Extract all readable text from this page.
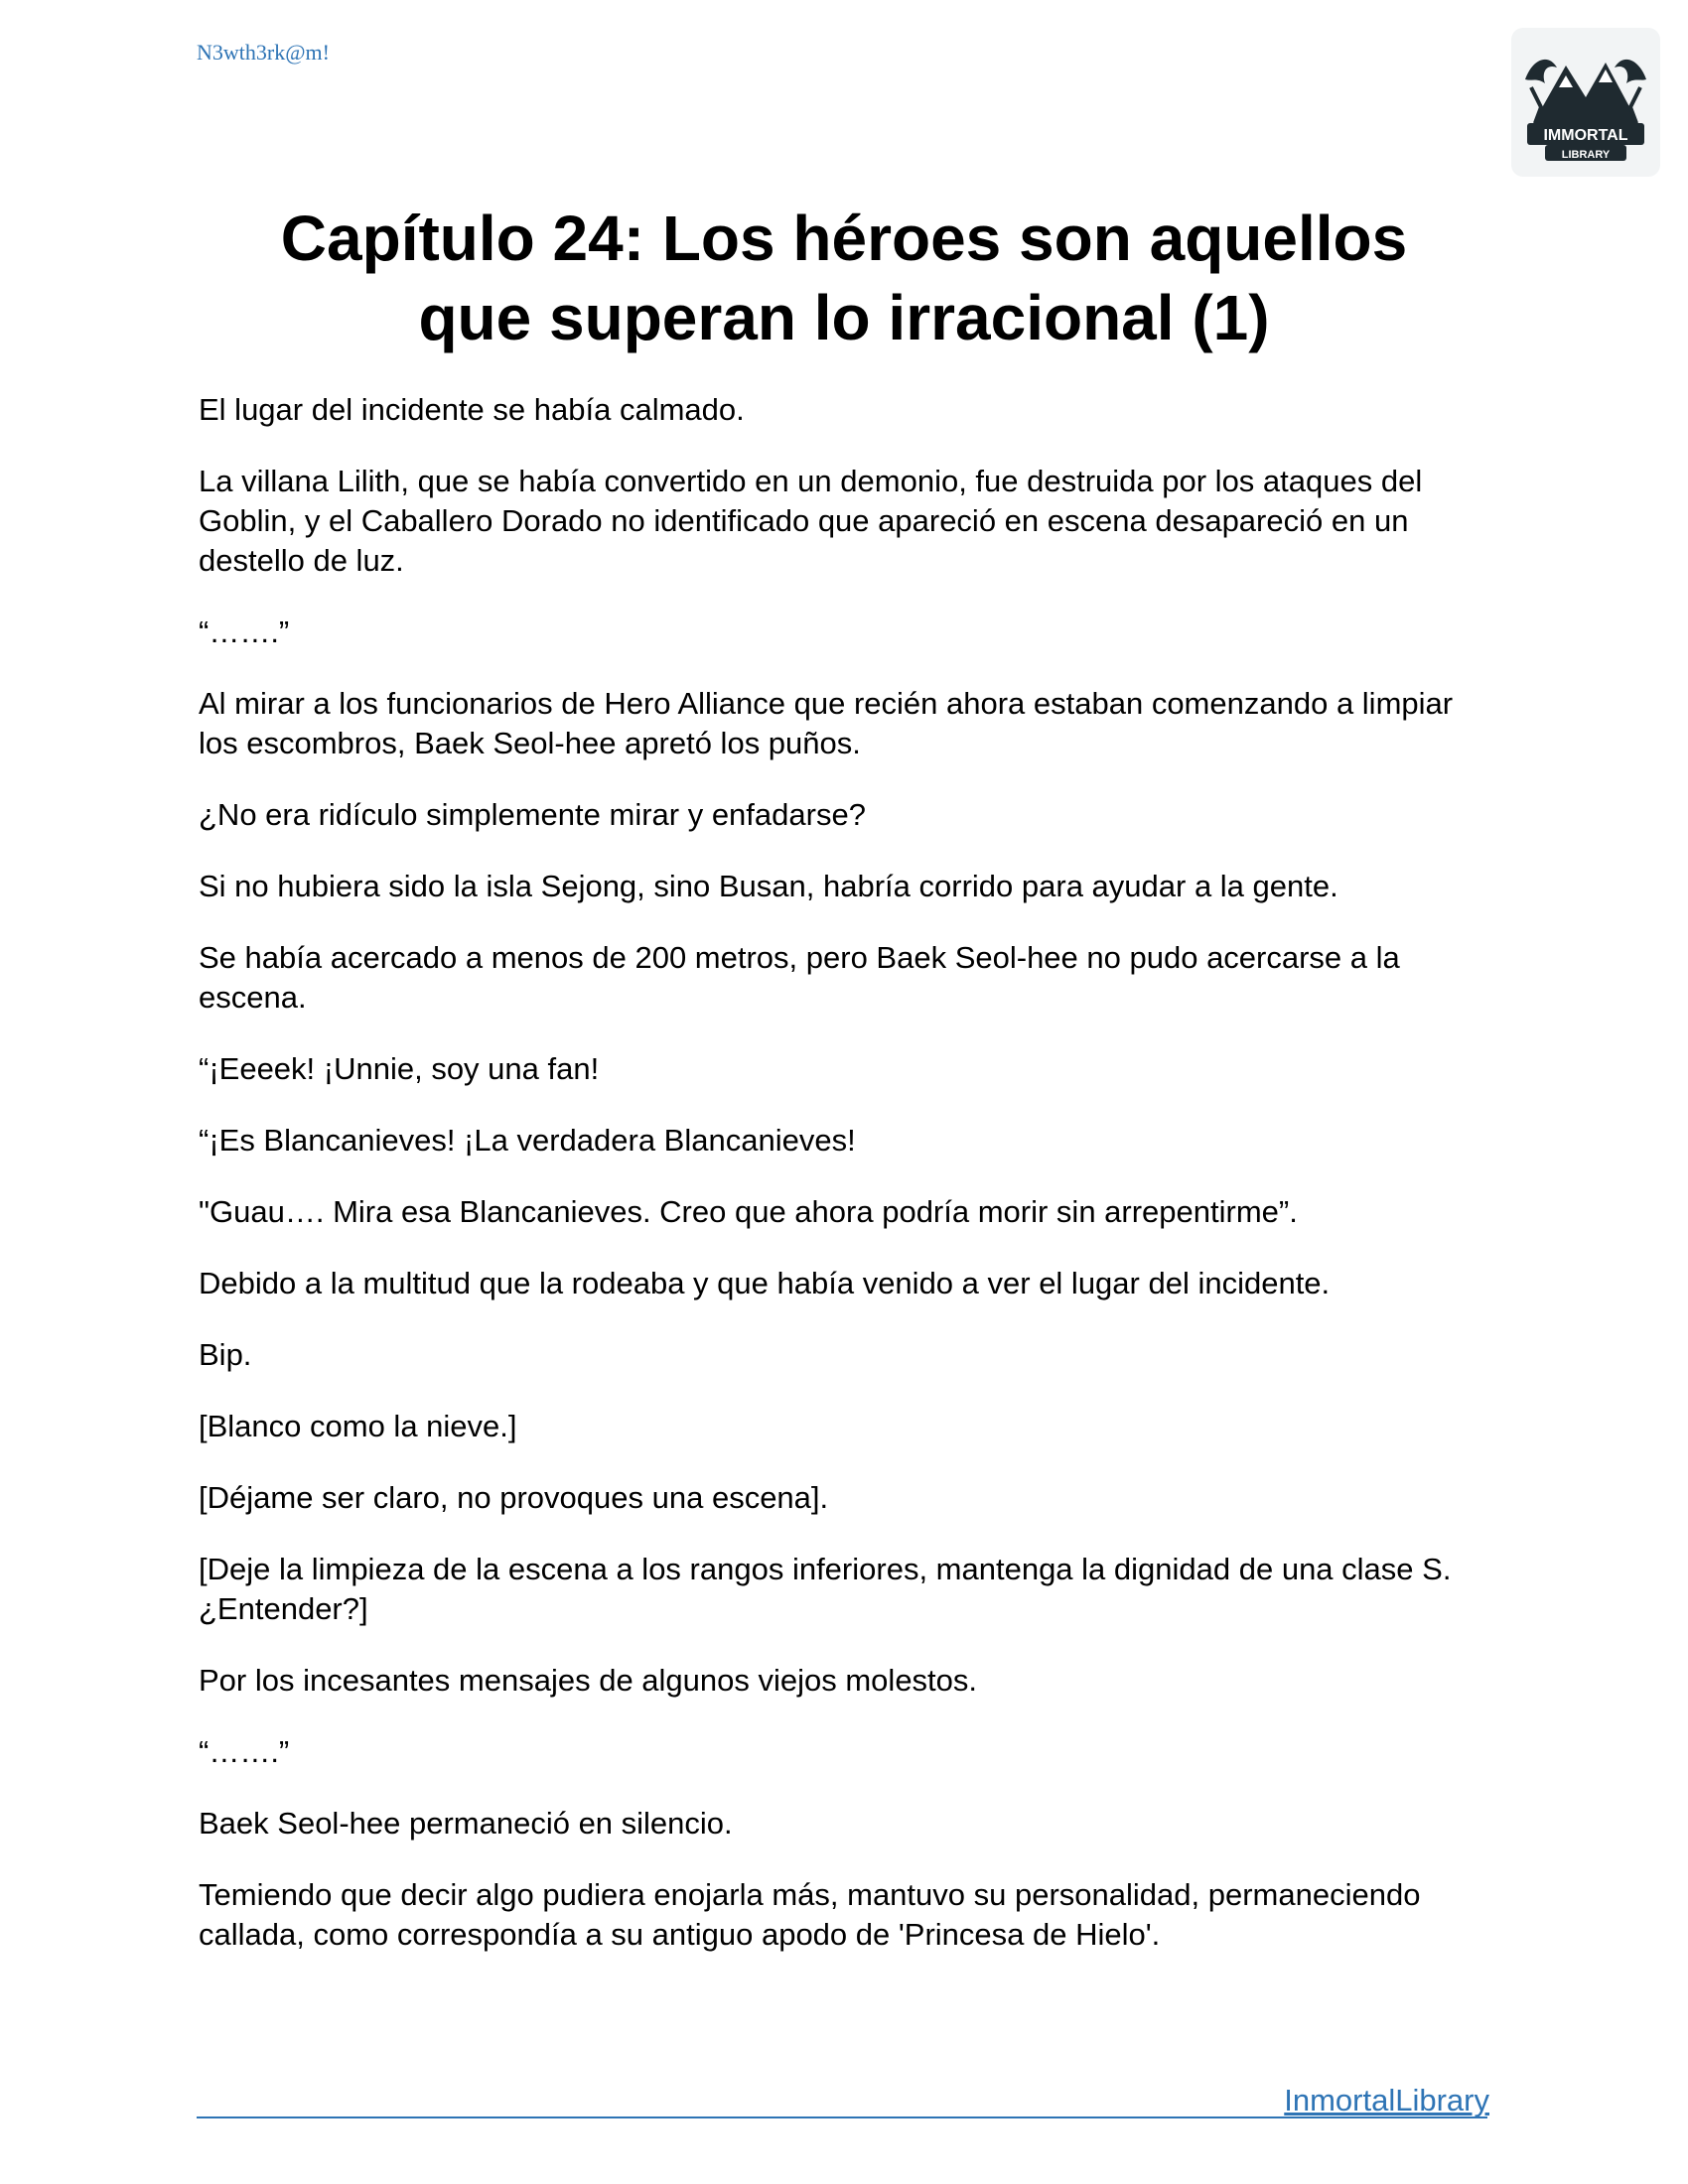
N3wth3rk@m!
IMMORTAL
LIBRARY
Capítulo 24: Los héroes son aquellos
que superan lo irracional (1)

El lugar del incidente se había calmado.

La villana Lilith, que se había convertido en un demonio, fue destruida por los ataques del Goblin, y el Caballero Dorado no identificado que apareció en escena desapareció en un destello de luz.

“…….”

Al mirar a los funcionarios de Hero Alliance que recién ahora estaban comenzando a limpiar los escombros, Baek Seol-hee apretó los puños.

¿No era ridículo simplemente mirar y enfadarse?

Si no hubiera sido la isla Sejong, sino Busan, habría corrido para ayudar a la gente.

Se había acercado a menos de 200 metros, pero Baek Seol-hee no pudo acercarse a la escena.

“¡Eeeek! ¡Unnie, soy una fan!

“¡Es Blancanieves! ¡La verdadera Blancanieves!

"Guau…. Mira esa Blancanieves. Creo que ahora podría morir sin arrepentirme”.

Debido a la multitud que la rodeaba y que había venido a ver el lugar del incidente.

Bip.

[Blanco como la nieve.]

[Déjame ser claro, no provoques una escena].

[Deje la limpieza de la escena a los rangos inferiores, mantenga la dignidad de una clase S. ¿Entender?]

Por los incesantes mensajes de algunos viejos molestos.

“…….”

Baek Seol-hee permaneció en silencio.

Temiendo que decir algo pudiera enojarla más, mantuvo su personalidad, permaneciendo callada, como correspondía a su antiguo apodo de 'Princesa de Hielo'.

InmortalLibrary
